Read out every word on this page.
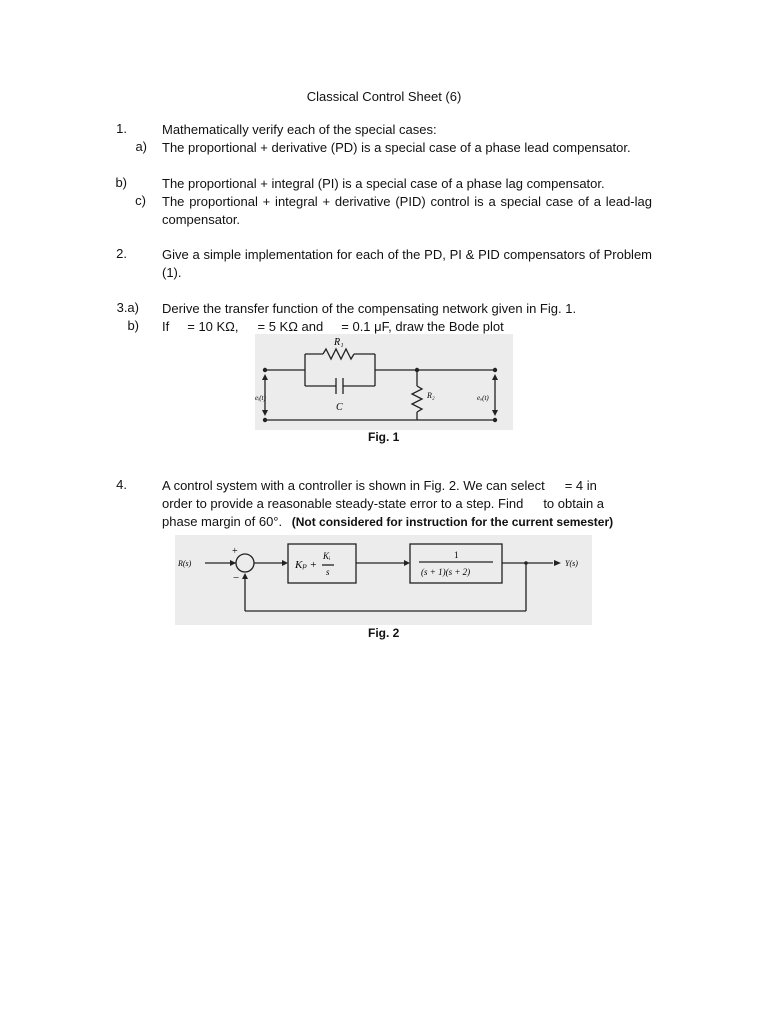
Classical Control Sheet (6)
1.	Mathematically verify each of the special cases:
a) The proportional + derivative (PD) is a special case of a phase lead compensator.
b)	The proportional + integral (PI) is a special case of a phase lag compensator.
c) The proportional + integral + derivative (PID) control is a special case of a lead-lag compensator.
2.	Give a simple implementation for each of the PD, PI & PID compensators of Problem (1).
3.a) Derive the transfer function of the compensating network given in Fig. 1.
b) If = 10 KΩ, = 5 KΩ and = 0.1 μF, draw the Bode plot
R₁
C
R₂
eᵢ(t)	eₒ(t)
Fig. 1
4.	A control system with a controller is shown in Fig. 2. We can select = 4 in
order to provide a reasonable steady-state error to a step. Find to obtain a
phase margin of 60°. (Not considered for instruction for the current semester)
R(s)	Y(s)
+
−
Kₚ +
Kᵢ
s
1
(s + 1)(s + 2)
Fig. 2
